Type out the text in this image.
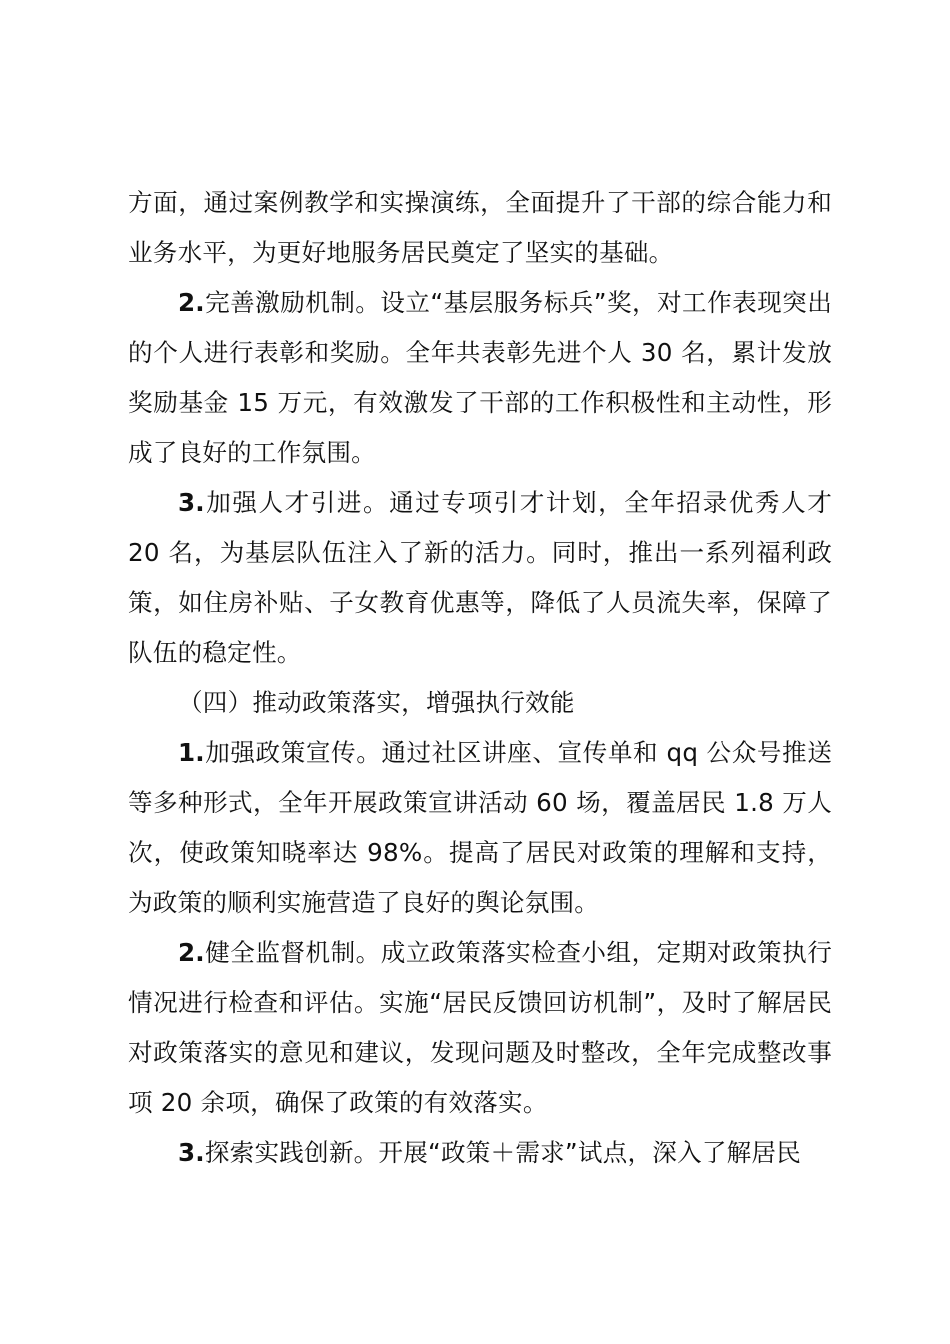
方面，通过案例教学和实操演练，全面提升了干部的综合能力和业务水平，为更好地服务居民奠定了坚实的基础。

2.完善激励机制。设立“基层服务标兵”奖，对工作表现突出的个人进行表彰和奖励。全年共表彰先进个人 30 名，累计发放奖励基金 15 万元，有效激发了干部的工作积极性和主动性，形成了良好的工作氛围。

3.加强人才引进。通过专项引才计划，全年招录优秀人才 20 名，为基层队伍注入了新的活力。同时，推出一系列福利政策，如住房补贴、子女教育优惠等，降低了人员流失率，保障了队伍的稳定性。

（四）推动政策落实，增强执行效能

1.加强政策宣传。通过社区讲座、宣传单和 qq 公众号推送等多种形式，全年开展政策宣讲活动 60 场，覆盖居民 1.8 万人次，使政策知晓率达 98%。提高了居民对政策的理解和支持，为政策的顺利实施营造了良好的舆论氛围。

2.健全监督机制。成立政策落实检查小组，定期对政策执行情况进行检查和评估。实施“居民反馈回访机制”，及时了解居民对政策落实的意见和建议，发现问题及时整改，全年完成整改事项 20 余项，确保了政策的有效落实。

3.探索实践创新。开展“政策＋需求”试点，深入了解居民
